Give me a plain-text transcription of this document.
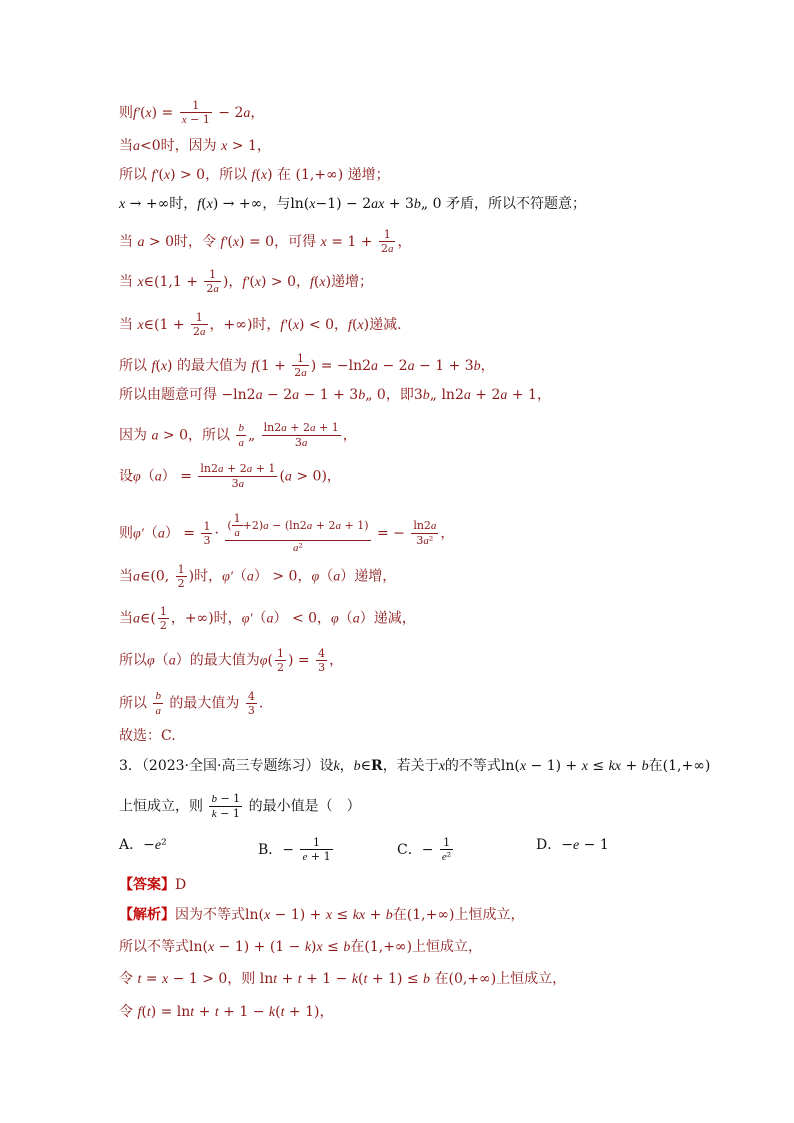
则$f'(x) = \frac{1}{x - 1} - 2a$，
当a<0时，因为 x > 1，
所以 f′(x) > 0，所以 f(x) 在 (1,+∞) 递增；
x → +∞时，f(x) → +∞，与ln(x−1) − 2ax + 3b„ 0 矛盾，所以不符题意；
当 a > 0时，令 f′(x) = 0，可得 $x = 1 + \frac{1}{2a}$ ，
当 x∈(1,1 + $\frac{1}{2a}$ )，f′(x) > 0，f(x)递增；
当 x∈(1 + $\frac{1}{2a}$ ，+∞)时，f′(x) < 0，f(x)递减.
所以 f(x) 的最大值为 $f(1 + \frac{1}{2a}$ ) = −ln2a − 2a − 1 + 3b，
所以由题意可得 −ln2a − 2a − 1 + 3b„ 0，即3b„ ln2a + 2a + 1，
因为 a > 0，所以 $\frac{b}{a}$ „ $\frac{\ln 2a + 2a + 1}{3a}$ ，
设$\varphi(a) = \frac{\ln 2a + 2a + 1}{3a} (a > 0)$，
则$\varphi'(a) = \frac{1}{3} \cdot \frac{( \frac{1}{a} +2)a - (\ln 2a + 2a + 1)}{\text{a²}}$ = − $\frac{\ln 2a}{\text{3a²}}$ ，
当a∈(0, $\frac{1}{2}$ )时，φ′（a） > 0，φ（a）递增，
当a∈( $\frac{1}{2}$ ，+∞)时，φ′（a） < 0，φ（a）递减，
所以φ（a）的最大值为$\varphi( \frac{1}{2}$ ) = $\frac{4}{3}$ ，
所以 $\frac{b}{a}$ 的最大值为 $\frac{4}{3}$ .
故选：C.
3．（2023·全国·高三专题练习）设k，b∈R，若关于x的不等式ln(x − 1) + x ≤ kx + b在(1,+∞)
上恒成立，则 $\frac{b - 1}{k - 1}$ 的最小值是（　）
A．−e²	B．− $\frac{1}{e + 1}$	C．− $\frac{1}{\text{e²}}$	D．−e − 1
【答案】D
【解析】因为不等式ln(x − 1) + x ≤ kx + b在(1,+∞)上恒成立，
所以不等式ln(x − 1) + (1 − k)x ≤ b在(1,+∞)上恒成立，
令 t = x − 1 > 0，则 lnt + t + 1 − k(t + 1) ≤ b 在(0,+∞)上恒成立，
令 f(t) = lnt + t + 1 − k(t + 1)，
